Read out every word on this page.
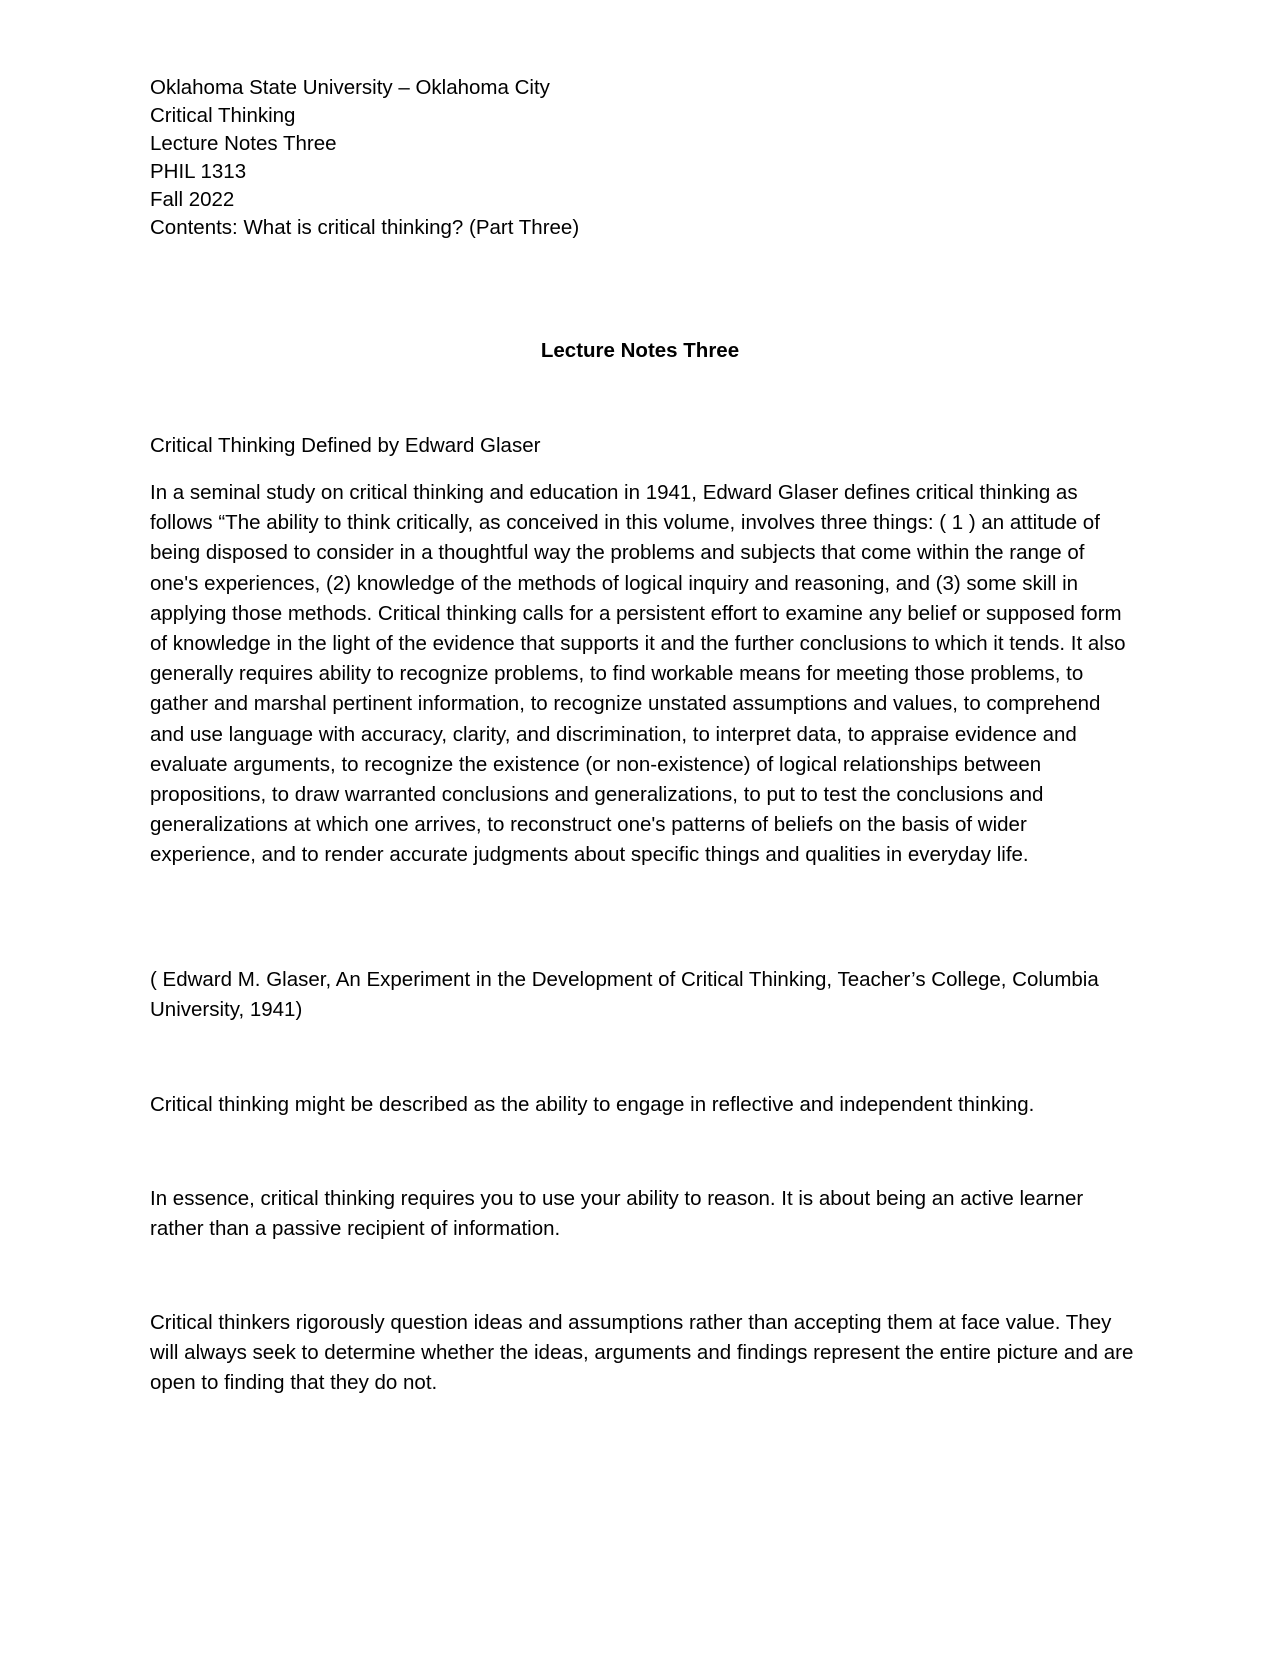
Oklahoma State University – Oklahoma City
Critical Thinking
Lecture Notes Three
PHIL 1313
Fall 2022
Contents: What is critical thinking? (Part Three)
Lecture Notes Three

Critical Thinking Defined by Edward Glaser

In a seminal study on critical thinking and education in 1941, Edward Glaser defines critical thinking as follows “The ability to think critically, as conceived in this volume, involves three things: ( 1 ) an attitude of being disposed to consider in a thoughtful way the problems and subjects that come within the range of one's experiences, (2) knowledge of the methods of logical inquiry and reasoning, and (3) some skill in applying those methods. Critical thinking calls for a persistent effort to examine any belief or supposed form of knowledge in the light of the evidence that supports it and the further conclusions to which it tends. It also generally requires ability to recognize problems, to find workable means for meeting those problems, to gather and marshal pertinent information, to recognize unstated assumptions and values, to comprehend and use language with accuracy, clarity, and discrimination, to interpret data, to appraise evidence and evaluate arguments, to recognize the existence (or non-existence) of logical relationships between propositions, to draw warranted conclusions and generalizations, to put to test the conclusions and generalizations at which one arrives, to reconstruct one's patterns of beliefs on the basis of wider experience, and to render accurate judgments about specific things and qualities in everyday life.

( Edward M. Glaser, An Experiment in the Development of Critical Thinking, Teacher’s College, Columbia University, 1941)

Critical thinking might be described as the ability to engage in reflective and independent thinking.

In essence, critical thinking requires you to use your ability to reason. It is about being an active learner rather than a passive recipient of information.

Critical thinkers rigorously question ideas and assumptions rather than accepting them at face value. They will always seek to determine whether the ideas, arguments and findings represent the entire picture and are open to finding that they do not.
